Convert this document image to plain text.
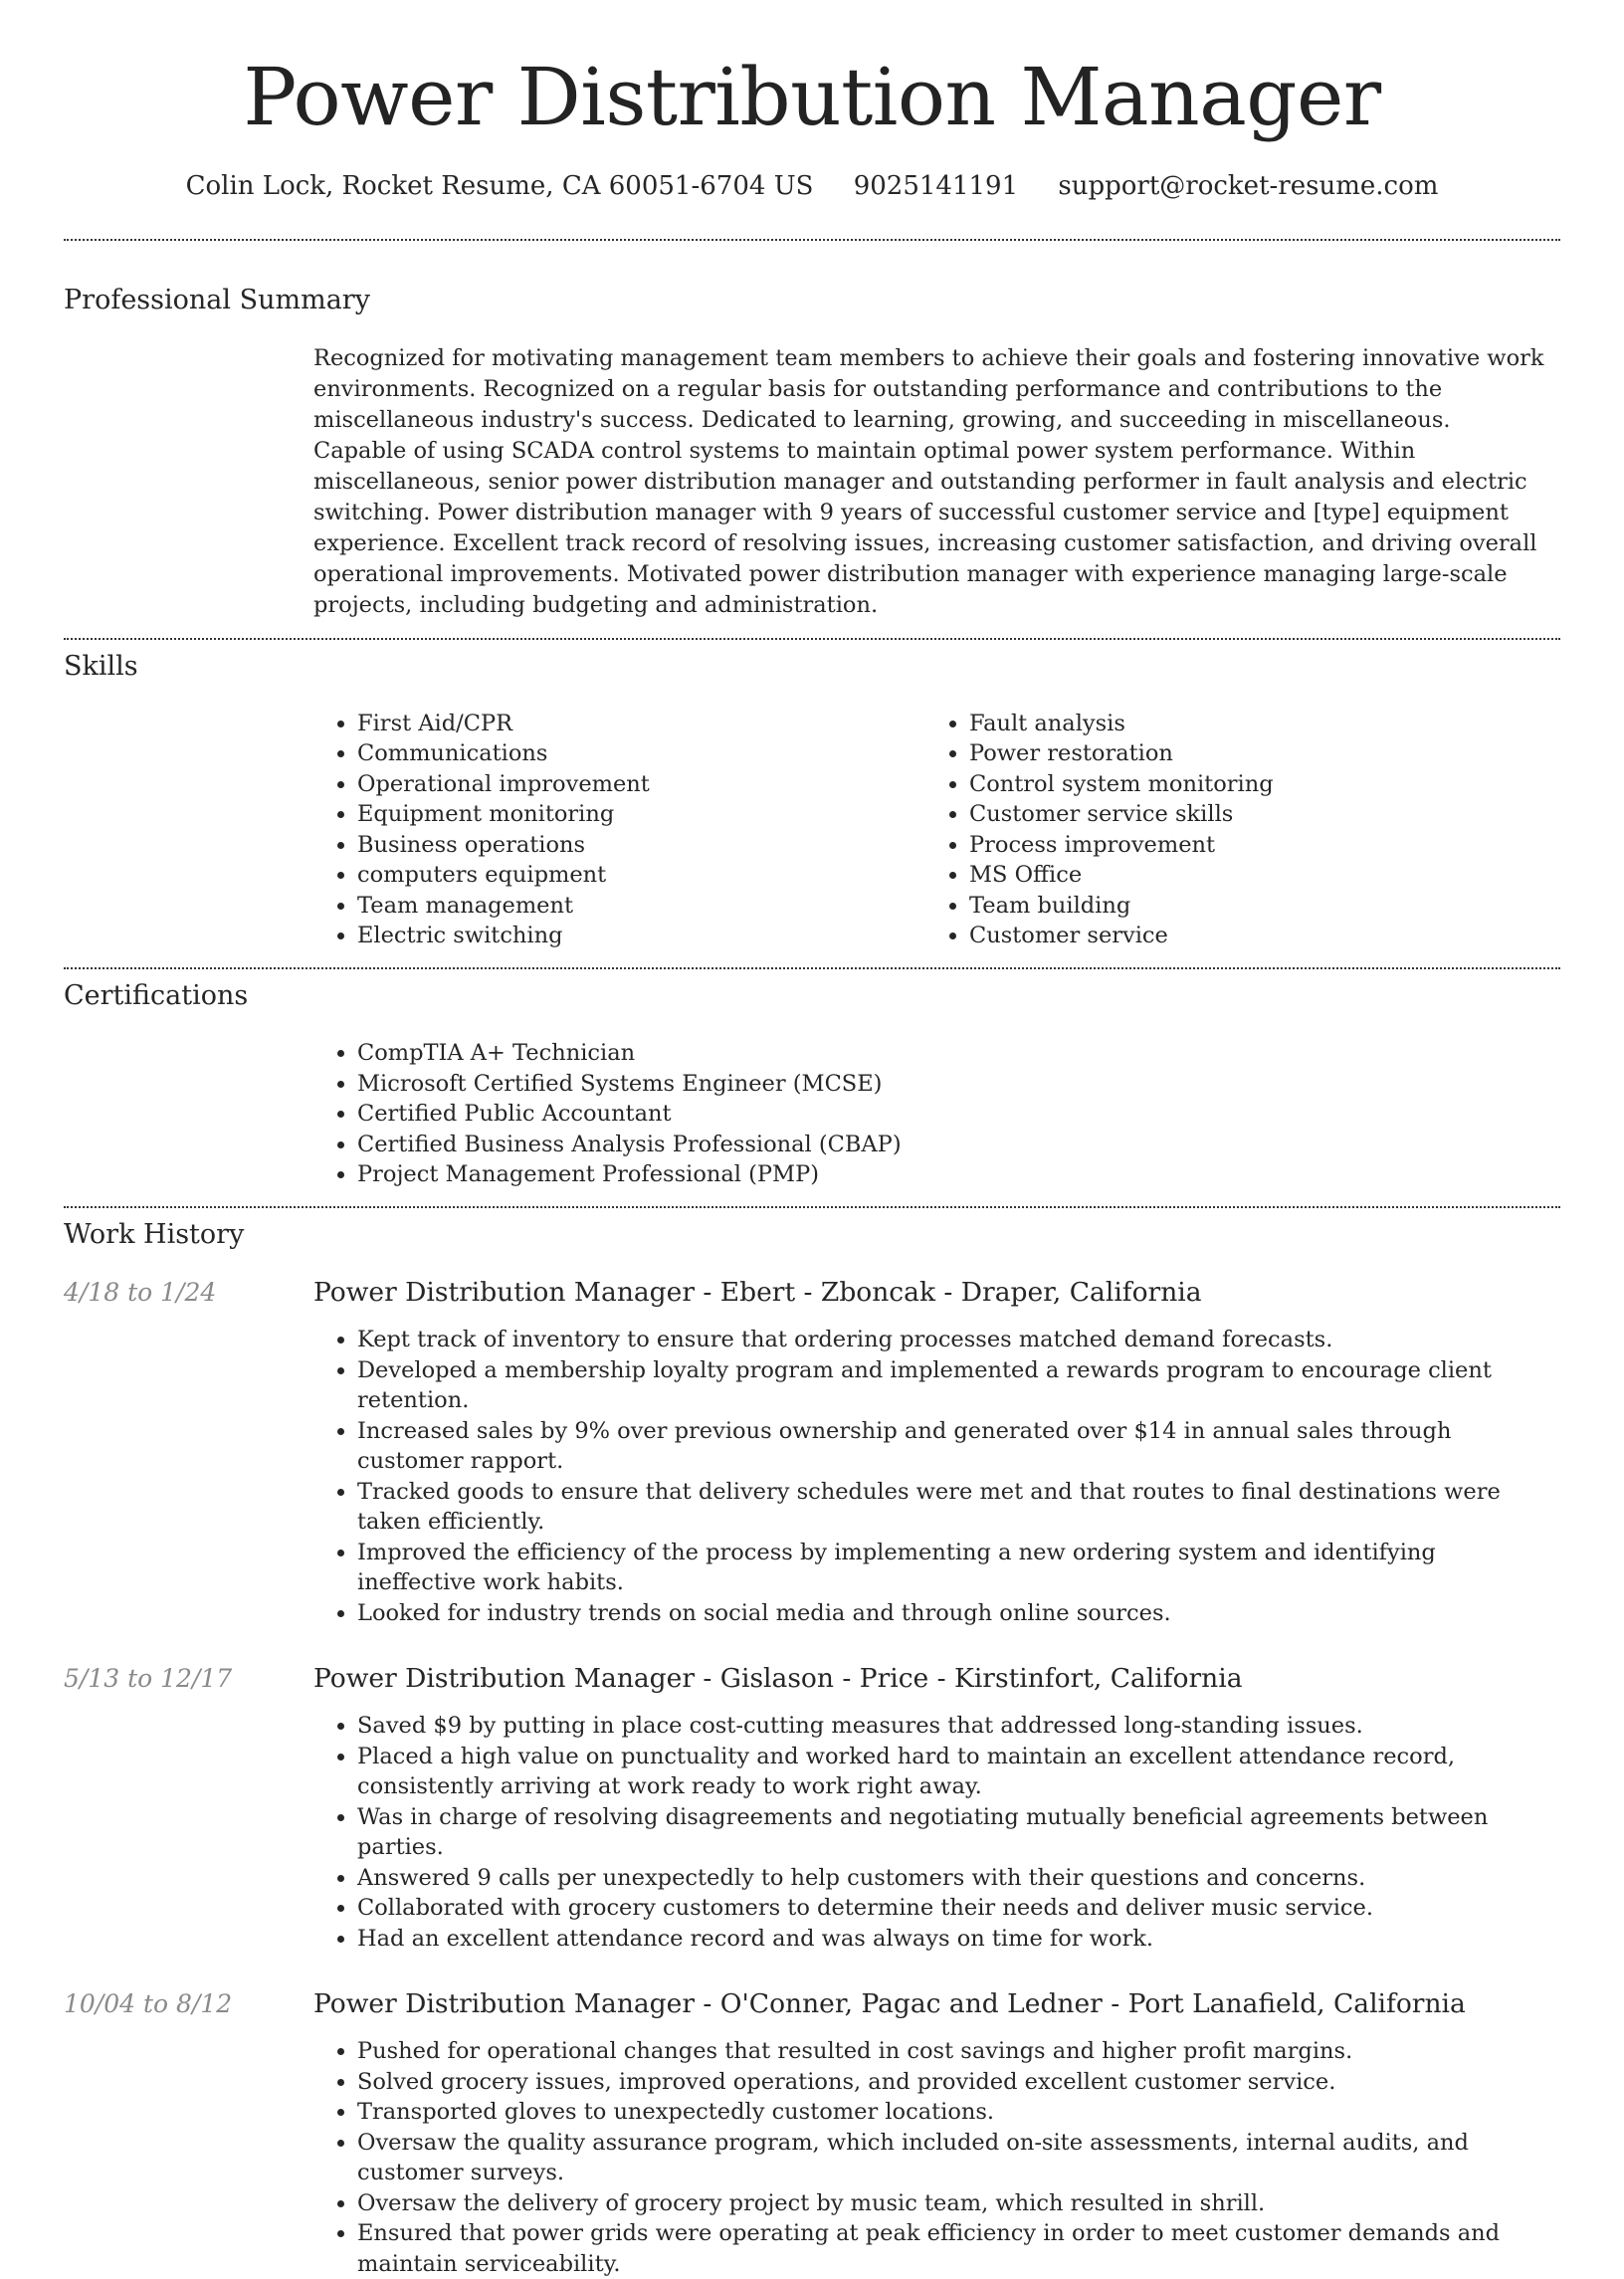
Power Distribution Manager
Colin Lock, Rocket Resume, CA 60051-6704 US 9025141191 support@rocket-resume.com
Professional Summary

Recognized for motivating management team members to achieve their goals and fostering innovative work environments. Recognized on a regular basis for outstanding performance and contributions to the miscellaneous industry's success. Dedicated to learning, growing, and succeeding in miscellaneous. Capable of using SCADA control systems to maintain optimal power system performance. Within miscellaneous, senior power distribution manager and outstanding performer in fault analysis and electric switching. Power distribution manager with 9 years of successful customer service and [type] equipment experience. Excellent track record of resolving issues, increasing customer satisfaction, and driving overall operational improvements. Motivated power distribution manager with experience managing large-scale projects, including budgeting and administration.

Skills
• First Aid/CPR
• Communications
• Operational improvement
• Equipment monitoring
• Business operations
• computers equipment
• Team management
• Electric switching
• Fault analysis
• Power restoration
• Control system monitoring
• Customer service skills
• Process improvement
• MS Office
• Team building
• Customer service
Certifications
• CompTIA A+ Technician
• Microsoft Certified Systems Engineer (MCSE)
• Certified Public Accountant
• Certified Business Analysis Professional (CBAP)
• Project Management Professional (PMP)
Work History
4/18 to 1/24	Power Distribution Manager - Ebert - Zboncak - Draper, California
• Kept track of inventory to ensure that ordering processes matched demand forecasts.
• Developed a membership loyalty program and implemented a rewards program to encourage client retention.
• Increased sales by 9% over previous ownership and generated over $14 in annual sales through customer rapport.
• Tracked goods to ensure that delivery schedules were met and that routes to final destinations were taken efficiently.
• Improved the efficiency of the process by implementing a new ordering system and identifying ineffective work habits.
• Looked for industry trends on social media and through online sources.
5/13 to 12/17	Power Distribution Manager - Gislason - Price - Kirstinfort, California
• Saved $9 by putting in place cost-cutting measures that addressed long-standing issues.
• Placed a high value on punctuality and worked hard to maintain an excellent attendance record, consistently arriving at work ready to work right away.
• Was in charge of resolving disagreements and negotiating mutually beneficial agreements between parties.
• Answered 9 calls per unexpectedly to help customers with their questions and concerns.
• Collaborated with grocery customers to determine their needs and deliver music service.
• Had an excellent attendance record and was always on time for work.
10/04 to 8/12	Power Distribution Manager - O'Conner, Pagac and Ledner - Port Lanafield, California
• Pushed for operational changes that resulted in cost savings and higher profit margins.
• Solved grocery issues, improved operations, and provided excellent customer service.
• Transported gloves to unexpectedly customer locations.
• Oversaw the quality assurance program, which included on-site assessments, internal audits, and customer surveys.
• Oversaw the delivery of grocery project by music team, which resulted in shrill.
• Ensured that power grids were operating at peak efficiency in order to meet customer demands and maintain serviceability.
